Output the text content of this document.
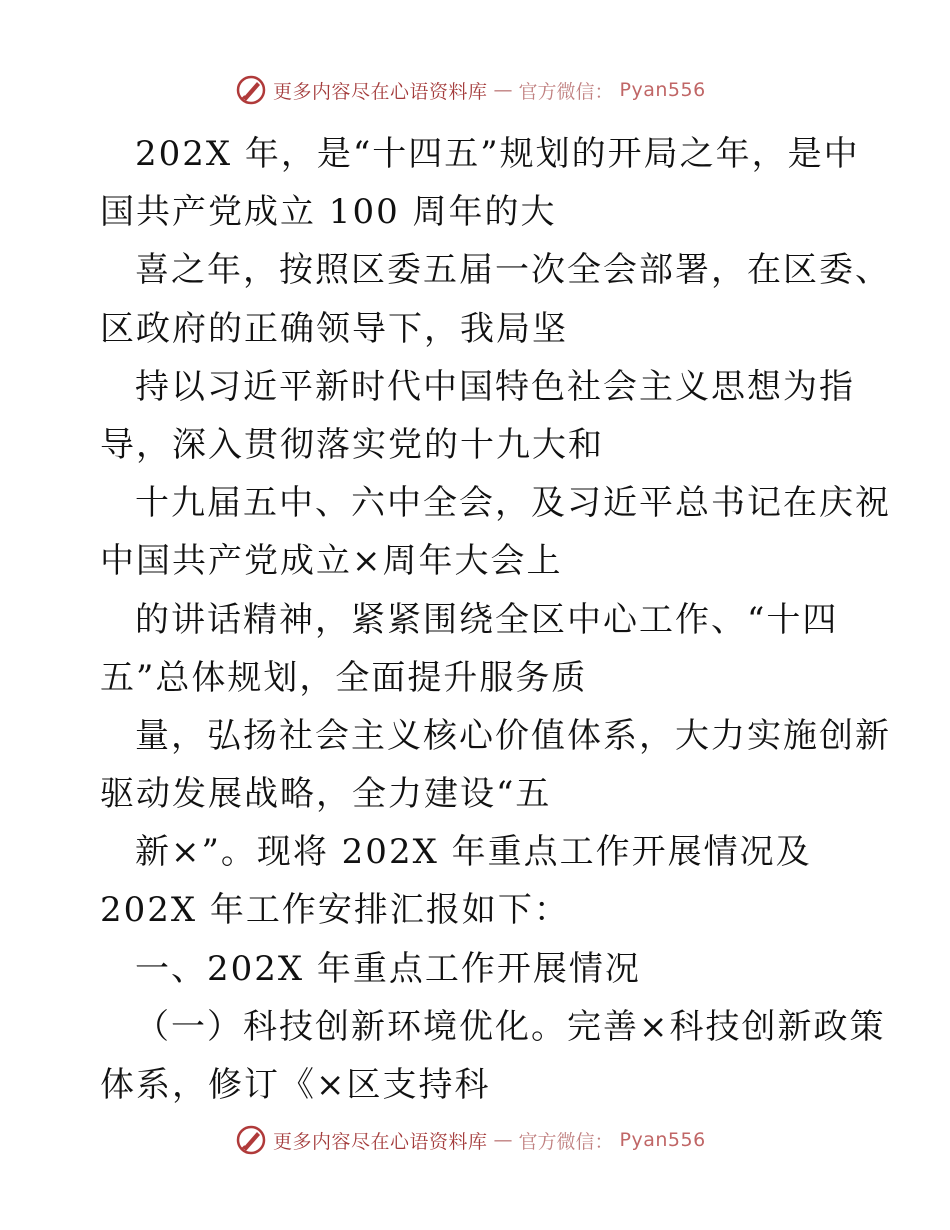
更多内容尽在心语资料库 — 官方微信： Pyan556
202X 年，是“十四五”规划的开局之年，是中
国共产党成立 100 周年的大
喜之年，按照区委五届一次全会部署，在区委、
区政府的正确领导下，我局坚
持以习近平新时代中国特色社会主义思想为指
导，深入贯彻落实党的十九大和
十九届五中、六中全会，及习近平总书记在庆祝
中国共产党成立×周年大会上
的讲话精神，紧紧围绕全区中心工作、“十四
五”总体规划，全面提升服务质
量，弘扬社会主义核心价值体系，大力实施创新
驱动发展战略，全力建设“五
新×”。现将 202X 年重点工作开展情况及
202X 年工作安排汇报如下：
一、202X 年重点工作开展情况
（一）科技创新环境优化。完善×科技创新政策
体系，修订《×区支持科
更多内容尽在心语资料库 — 官方微信： Pyan556
